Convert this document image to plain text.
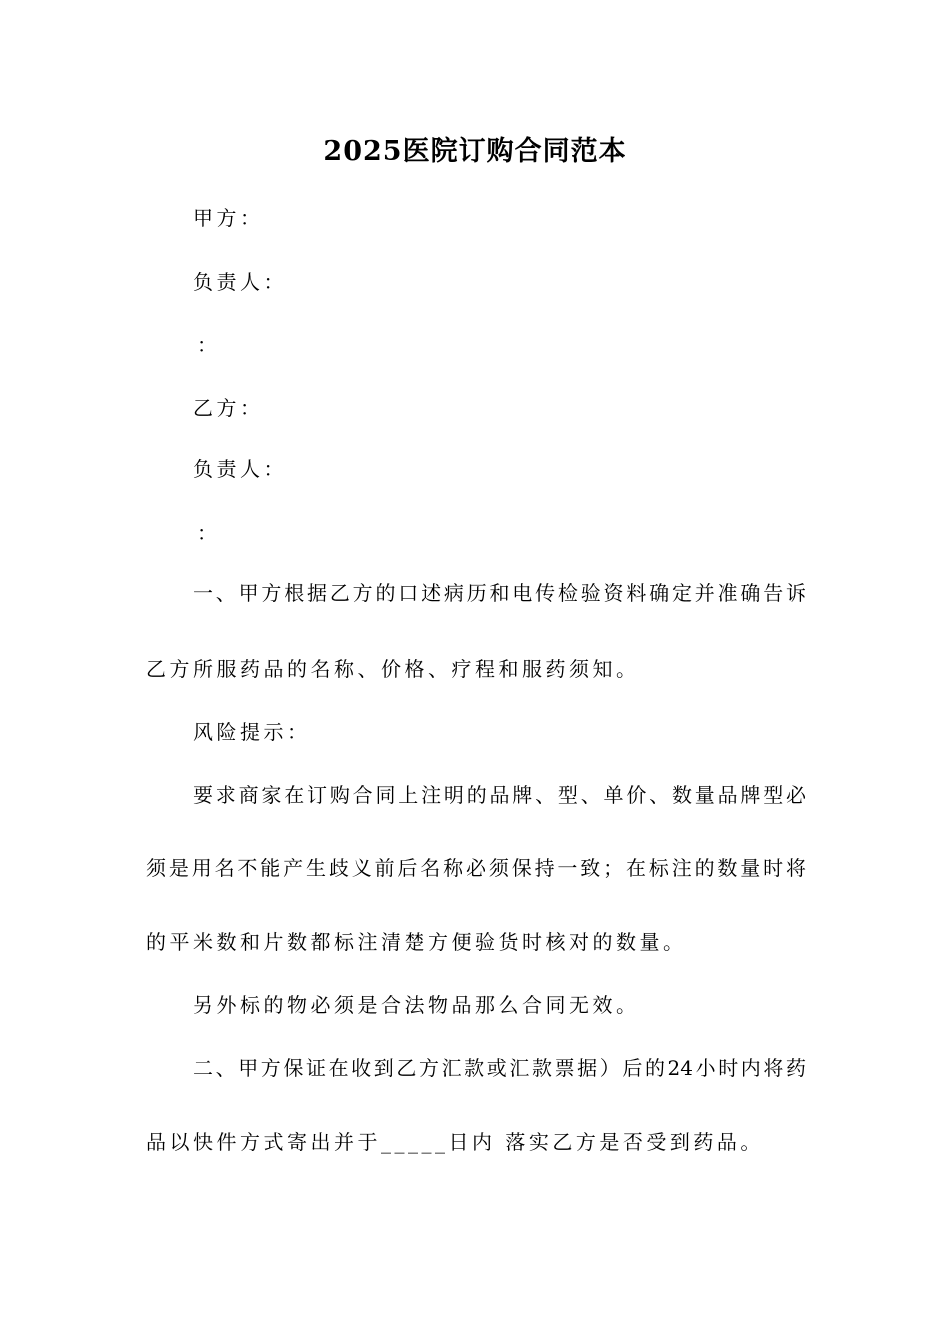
2025医院订购合同范本

甲方：

负责人：

：

乙方：

负责人：

：

一、甲方根据乙方的口述病历和电传检验资料确定并准确告诉

乙方所服药品的名称、价格、疗程和服药须知。

风险提示：

要求商家在订购合同上注明的品牌、型、单价、数量品牌型必

须是用名不能产生歧义前后名称必须保持一致；在标注的数量时将

的平米数和片数都标注清楚方便验货时核对的数量。

另外标的物必须是合法物品那么合同无效。

二、甲方保证在收到乙方汇款或汇款票据）后的24小时内将药

品以快件方式寄出并于_____日内 落实乙方是否受到药品。
